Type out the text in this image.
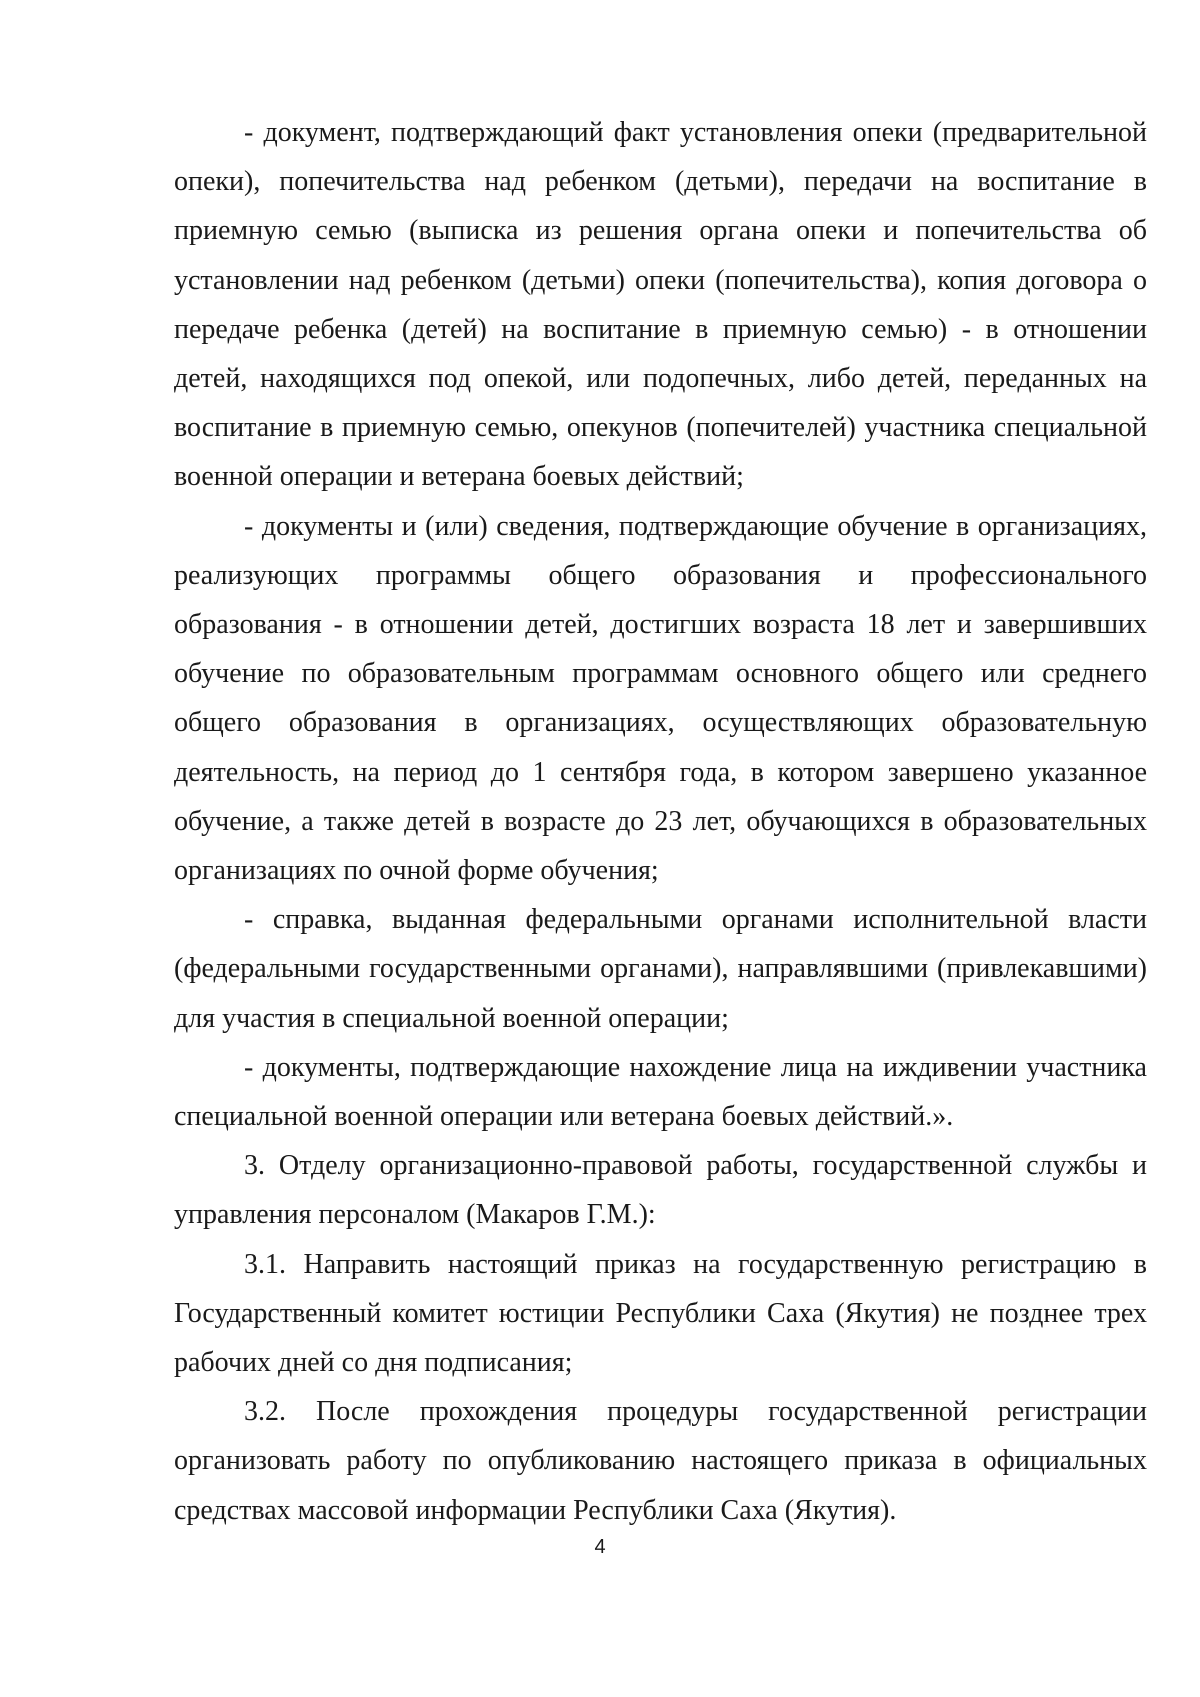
- документ, подтверждающий факт установления опеки (предварительной опеки), попечительства над ребенком (детьми), передачи на воспитание в приемную семью (выписка из решения органа опеки и попечительства об установлении над ребенком (детьми) опеки (попечительства), копия договора о передаче ребенка (детей) на воспитание в приемную семью) - в отношении детей, находящихся под опекой, или подопечных, либо детей, переданных на воспитание в приемную семью, опекунов (попечителей) участника специальной военной операции и ветерана боевых действий;

- документы и (или) сведения, подтверждающие обучение в организациях, реализующих программы общего образования и профессионального образования - в отношении детей, достигших возраста 18 лет и завершивших обучение по образовательным программам основного общего или среднего общего образования в организациях, осуществляющих образовательную деятельность, на период до 1 сентября года, в котором завершено указанное обучение, а также детей в возрасте до 23 лет, обучающихся в образовательных организациях по очной форме обучения;

- справка, выданная федеральными органами исполнительной власти (федеральными государственными органами), направлявшими (привлекавшими) для участия в специальной военной операции;

- документы, подтверждающие нахождение лица на иждивении участника специальной военной операции или ветерана боевых действий.».

3. Отделу организационно-правовой работы, государственной службы и управления персоналом (Макаров Г.М.):

3.1. Направить настоящий приказ на государственную регистрацию в Государственный комитет юстиции Республики Саха (Якутия) не позднее трех рабочих дней со дня подписания;

3.2. После прохождения процедуры государственной регистрации организовать работу по опубликованию настоящего приказа в официальных средствах массовой информации Республики Саха (Якутия).

4
